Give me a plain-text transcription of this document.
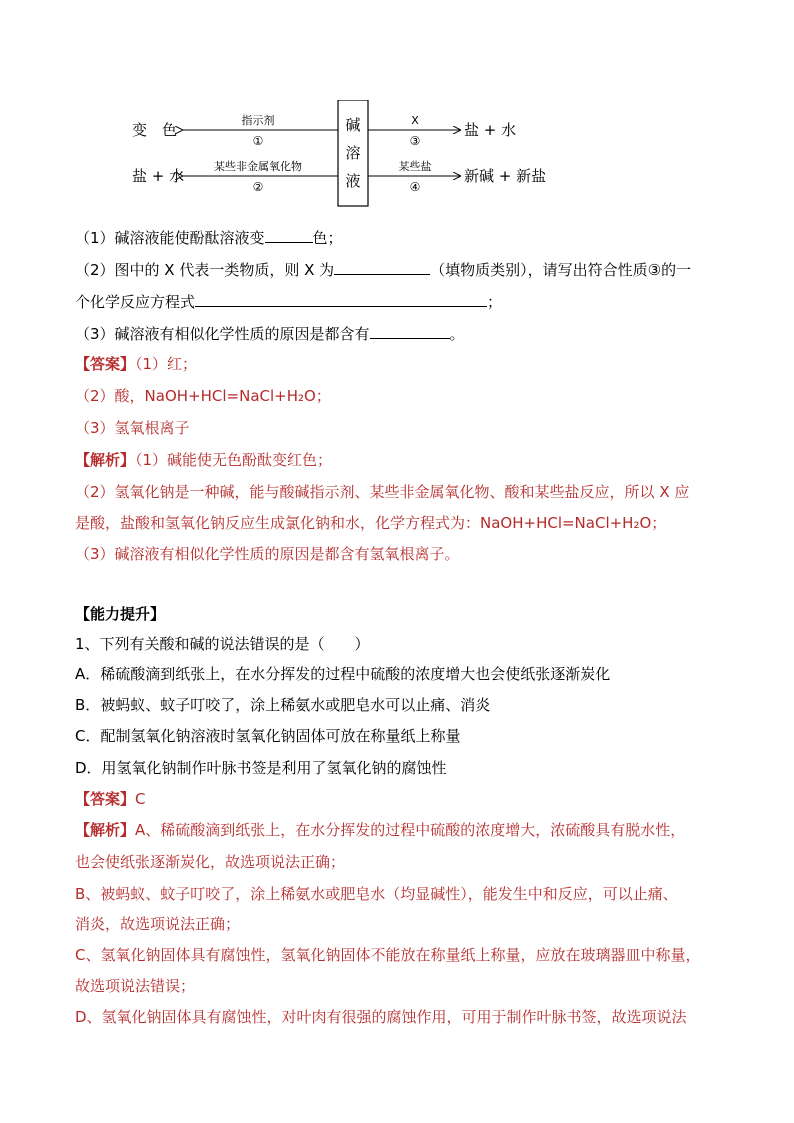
碱
溶
液
变　色
指示剂
①
盐 + 水
某些非金属氧化物
②
X
③
盐 + 水
某些盐
④
新碱 + 新盐
（1）碱溶液能使酚酞溶液变	色；
（2）图中的 X 代表一类物质，则 X 为	（填物质类别），请写出符合性质③的一
个化学反应方程式	；
（3）碱溶液有相似化学性质的原因是都含有	。
【答案】（1）红；
（2）酸，NaOH+HCl=NaCl+H₂O；
（3）氢氧根离子
【解析】（1）碱能使无色酚酞变红色；
（2）氢氧化钠是一种碱，能与酸碱指示剂、某些非金属氧化物、酸和某些盐反应，所以 X 应
是酸，盐酸和氢氧化钠反应生成氯化钠和水，化学方程式为：NaOH+HCl=NaCl+H₂O；
（3）碱溶液有相似化学性质的原因是都含有氢氧根离子。
【能力提升】
1、下列有关酸和碱的说法错误的是（　　）
A．稀硫酸滴到纸张上，在水分挥发的过程中硫酸的浓度增大也会使纸张逐渐炭化
B．被蚂蚁、蚊子叮咬了，涂上稀氨水或肥皂水可以止痛、消炎
C．配制氢氧化钠溶液时氢氧化钠固体可放在称量纸上称量
D．用氢氧化钠制作叶脉书签是利用了氢氧化钠的腐蚀性
【答案】C
【解析】A、稀硫酸滴到纸张上，在水分挥发的过程中硫酸的浓度增大，浓硫酸具有脱水性，
也会使纸张逐渐炭化，故选项说法正确；
B、被蚂蚁、蚊子叮咬了，涂上稀氨水或肥皂水（均显碱性），能发生中和反应，可以止痛、
消炎，故选项说法正确；
C、氢氧化钠固体具有腐蚀性，氢氧化钠固体不能放在称量纸上称量，应放在玻璃器皿中称量，
故选项说法错误；
D、氢氧化钠固体具有腐蚀性，对叶肉有很强的腐蚀作用，可用于制作叶脉书签，故选项说法
